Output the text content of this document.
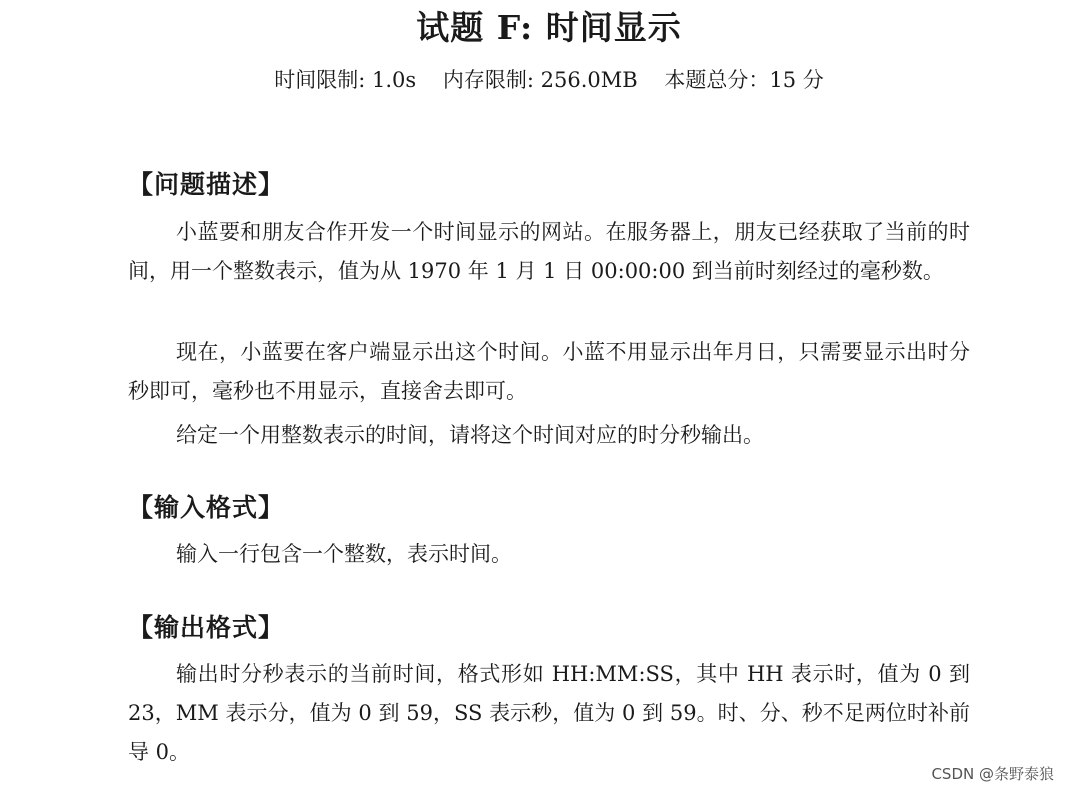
试题 F: 时间显示
时间限制: 1.0s    内存限制: 256.0MB    本题总分：15 分
【问题描述】
小蓝要和朋友合作开发一个时间显示的网站。在服务器上，朋友已经获取了当前的时间，用一个整数表示，值为从 1970 年 1 月 1 日 00:00:00 到当前时刻经过的毫秒数。
现在，小蓝要在客户端显示出这个时间。小蓝不用显示出年月日，只需要显示出时分秒即可，毫秒也不用显示，直接舍去即可。
给定一个用整数表示的时间，请将这个时间对应的时分秒输出。
【输入格式】
输入一行包含一个整数，表示时间。
【输出格式】
输出时分秒表示的当前时间，格式形如 HH:MM:SS，其中 HH 表示时，值为 0 到 23，MM 表示分，值为 0 到 59，SS 表示秒，值为 0 到 59。时、分、秒不足两位时补前导 0。
CSDN @条野泰狼
